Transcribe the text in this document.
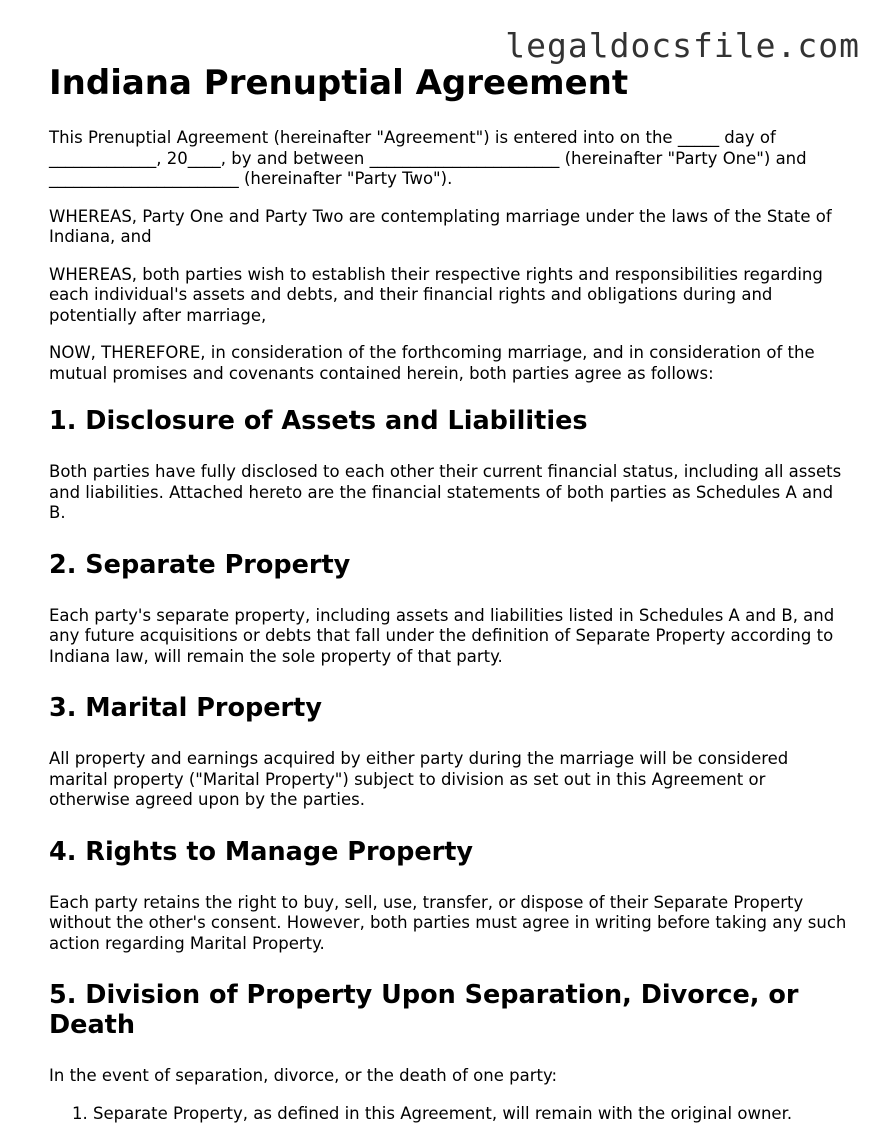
legaldocsfile.com
Indiana Prenuptial Agreement

This Prenuptial Agreement (hereinafter "Agreement") is entered into on the _____ day of _____________, 20____, by and between _______________________ (hereinafter "Party One") and _______________________ (hereinafter "Party Two").

WHEREAS, Party One and Party Two are contemplating marriage under the laws of the State of Indiana, and

WHEREAS, both parties wish to establish their respective rights and responsibilities regarding each individual's assets and debts, and their financial rights and obligations during and potentially after marriage,

NOW, THEREFORE, in consideration of the forthcoming marriage, and in consideration of the mutual promises and covenants contained herein, both parties agree as follows:

1. Disclosure of Assets and Liabilities

Both parties have fully disclosed to each other their current financial status, including all assets and liabilities. Attached hereto are the financial statements of both parties as Schedules A and B.

2. Separate Property

Each party's separate property, including assets and liabilities listed in Schedules A and B, and any future acquisitions or debts that fall under the definition of Separate Property according to Indiana law, will remain the sole property of that party.

3. Marital Property

All property and earnings acquired by either party during the marriage will be considered marital property ("Marital Property") subject to division as set out in this Agreement or otherwise agreed upon by the parties.

4. Rights to Manage Property

Each party retains the right to buy, sell, use, transfer, or dispose of their Separate Property without the other's consent. However, both parties must agree in writing before taking any such action regarding Marital Property.

5. Division of Property Upon Separation, Divorce, or Death

In the event of separation, divorce, or the death of one party:

1. Separate Property, as defined in this Agreement, will remain with the original owner.
